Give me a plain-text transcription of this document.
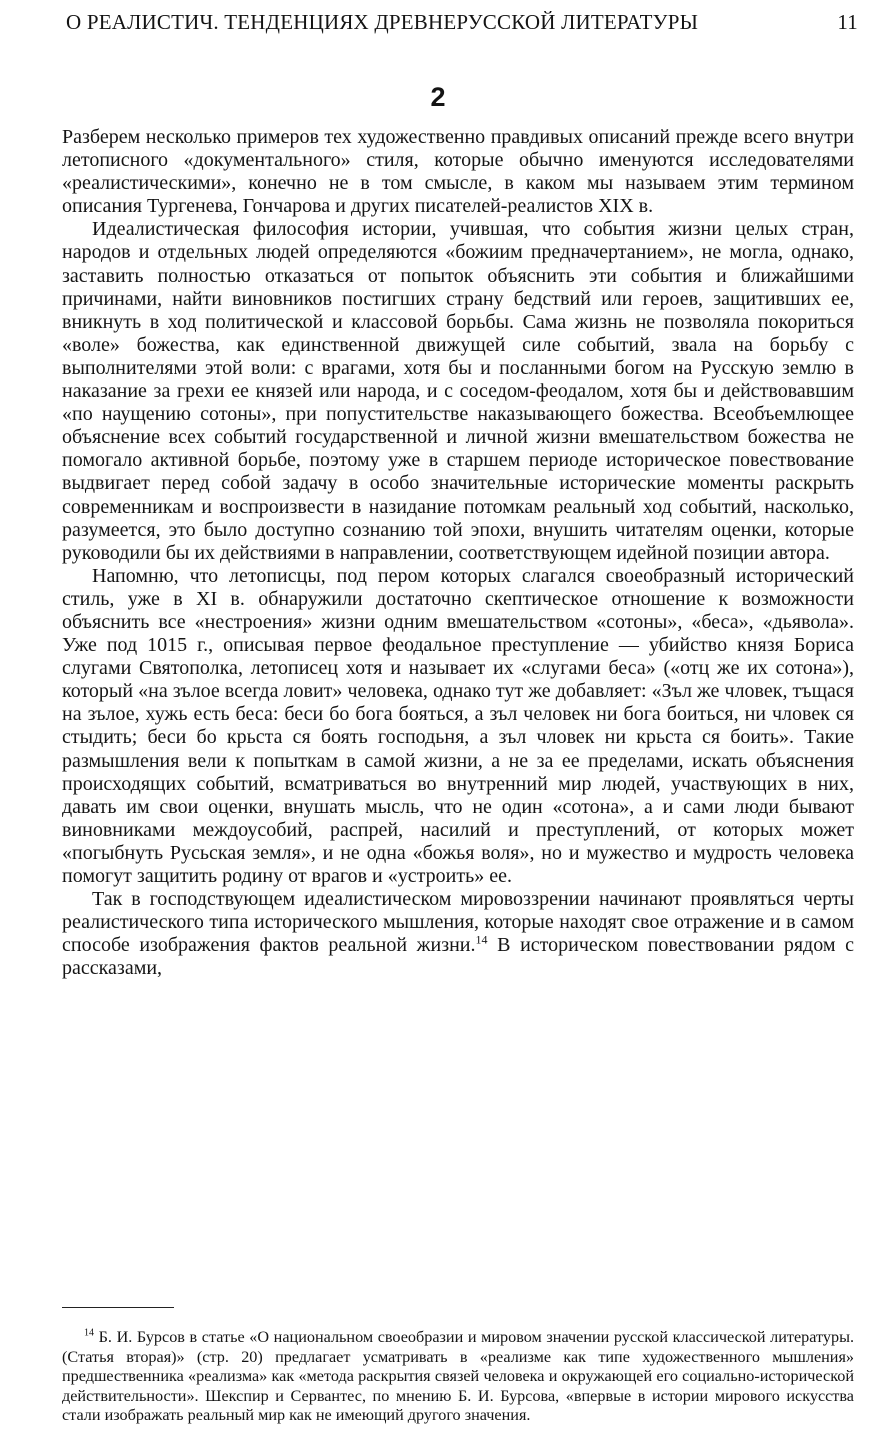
О РЕАЛИСТИЧ. ТЕНДЕНЦИЯХ ДРЕВНЕРУССКОЙ ЛИТЕРАТУРЫ	11
2

Разберем несколько примеров тех художественно правдивых описаний прежде всего внутри летописного «документального» стиля, которые обычно именуются исследователями «реалистическими», конечно не в том смысле, в каком мы называем этим термином описания Тургенева, Гончарова и других писателей-реалистов XIX в.

Идеалистическая философия истории, учившая, что события жизни целых стран, народов и отдельных людей определяются «божиим предначертанием», не могла, однако, заставить полностью отказаться от попыток объяснить эти события и ближайшими причинами, найти виновников постигших страну бедствий или героев, защитивших ее, вникнуть в ход политической и классовой борьбы. Сама жизнь не позволяла покориться «воле» божества, как единственной движущей силе событий, звала на борьбу с выполнителями этой воли: с врагами, хотя бы и посланными богом на Русскую землю в наказание за грехи ее князей или народа, и с соседом-феодалом, хотя бы и действовавшим «по наущению сотоны», при попустительстве наказывающего божества. Всеобъемлющее объяснение всех событий государственной и личной жизни вмешательством божества не помогало активной борьбе, поэтому уже в старшем периоде историческое повествование выдвигает перед собой задачу в особо значительные исторические моменты раскрыть современникам и воспроизвести в назидание потомкам реальный ход событий, насколько, разумеется, это было доступно сознанию той эпохи, внушить читателям оценки, которые руководили бы их действиями в направлении, соответствующем идейной позиции автора.

Напомню, что летописцы, под пером которых слагался своеобразный исторический стиль, уже в XI в. обнаружили достаточно скептическое отношение к возможности объяснить все «нестроения» жизни одним вмешательством «сотоны», «беса», «дьявола». Уже под 1015 г., описывая первое феодальное преступление — убийство князя Бориса слугами Святополка, летописец хотя и называет их «слугами беса» («отц же их сотона»), который «на зълое всегда ловит» человека, однако тут же добавляет: «Зъл же чловек, тъщася на зълое, хужь есть беса: беси бо бога бояться, а зъл человек ни бога боиться, ни чловек ся стыдить; беси бо крьста ся боять господьня, а зъл чловек ни крьста ся боить». Такие размышления вели к попыткам в самой жизни, а не за ее пределами, искать объяснения происходящих событий, всматриваться во внутренний мир людей, участвующих в них, давать им свои оценки, внушать мысль, что не один «сотона», а и сами люди бывают виновниками междоусобий, распрей, насилий и преступлений, от которых может «погыбнуть Русьская земля», и не одна «божья воля», но и мужество и мудрость человека помогут защитить родину от врагов и «устроить» ее.

Так в господствующем идеалистическом мировоззрении начинают проявляться черты реалистического типа исторического мышления, которые находят свое отражение и в самом способе изображения фактов реальной жизни.$^{14}$ В историческом повествовании рядом с рассказами,

$^{14}$ Б. И. Бурсов в статье «О национальном своеобразии и мировом значении русской классической литературы. (Статья вторая)» (стр. 20) предлагает усматривать в «реализме как типе художественного мышления» предшественника «реализма» как «метода раскрытия связей человека и окружающей его социально-исторической действительности». Шекспир и Сервантес, по мнению Б. И. Бурсова, «впервые в истории мирового искусства стали изображать реальный мир как не имеющий другого значения.
